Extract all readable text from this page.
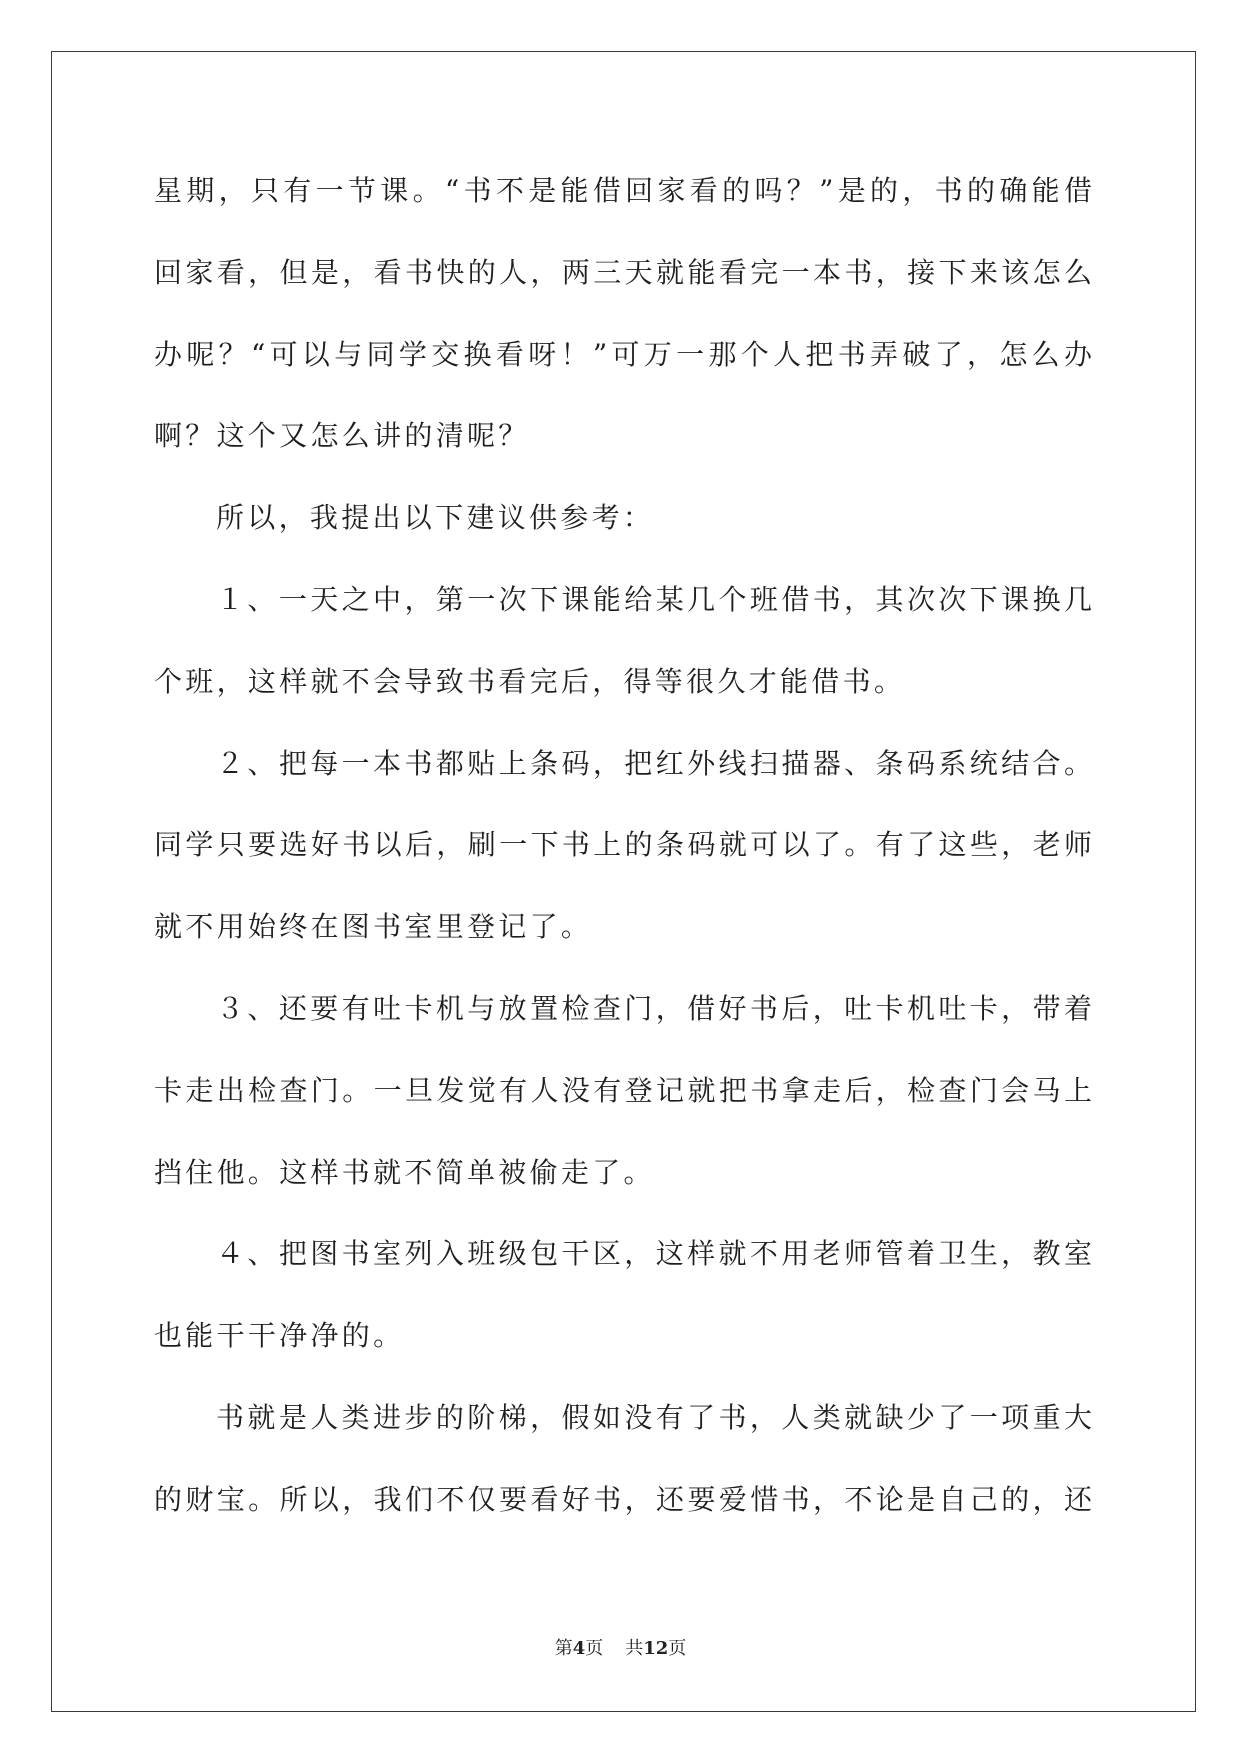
星期，只有一节课。“书不是能借回家看的吗？”是的，书的确能借
回家看，但是，看书快的人，两三天就能看完一本书，接下来该怎么
办呢？“可以与同学交换看呀！”可万一那个人把书弄破了，怎么办
啊？这个又怎么讲的清呢？
所以，我提出以下建议供参考：
１、一天之中，第一次下课能给某几个班借书，其次次下课换几
个班，这样就不会导致书看完后，得等很久才能借书。
２、把每一本书都贴上条码，把红外线扫描器、条码系统结合。
同学只要选好书以后，刷一下书上的条码就可以了。有了这些，老师
就不用始终在图书室里登记了。
３、还要有吐卡机与放置检查门，借好书后，吐卡机吐卡，带着
卡走出检查门。一旦发觉有人没有登记就把书拿走后，检查门会马上
挡住他。这样书就不简单被偷走了。
４、把图书室列入班级包干区，这样就不用老师管着卫生，教室
也能干干净净的。
书就是人类进步的阶梯，假如没有了书，人类就缺少了一项重大
的财宝。所以，我们不仅要看好书，还要爱惜书，不论是自己的，还
第4页 共12页
